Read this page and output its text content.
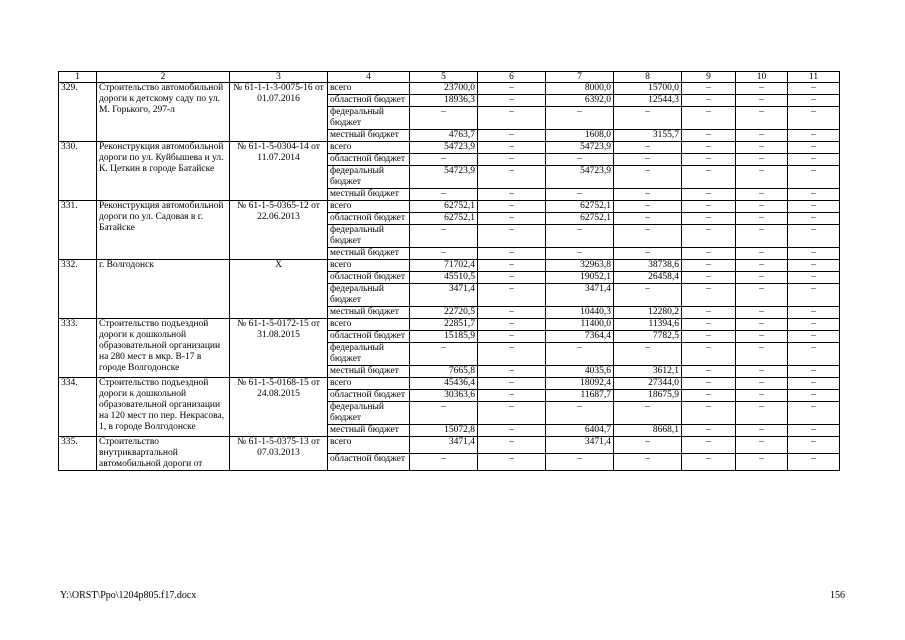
1	2	3	4	5	6	7	8	9	10	11
329.	Строительство автомобильной дороги к детскому саду по ул. М. Горького, 297-л	№ 61-1-1-3-0075-16 от 01.07.2016	всего	23700,0	–	8000,0	15700,0	–	–	–
			областной бюджет	18936,3	–	6392,0	12544,3	–	–	–
			федеральный бюджет	–	–	–	–	–	–	–
			местный бюджет	4763,7	–	1608,0	3155,7	–	–	–
330.	Реконструкция автомобильной дороги по ул. Куйбышева и ул. К. Цеткин в городе Батайске	№ 61-1-5-0304-14 от 11.07.2014	всего	54723,9	–	54723,9	–	–	–	–
			областной бюджет	–	–	–	–	–	–	–
			федеральный бюджет	54723,9	–	54723,9	–	–	–	–
			местный бюджет	–	–	–	–	–	–	–
331.	Реконструкция автомобильной дороги по ул. Садовая в г. Батайске	№ 61-1-5-0365-12 от 22.06.2013	всего	62752,1	–	62752,1	–	–	–	–
			областной бюджет	62752,1	–	62752,1	–	–	–	–
			федеральный бюджет	–	–	–	–	–	–	–
			местный бюджет	–	–	–	–	–	–	–
332.	г. Волгодонск	Х	всего	71702,4	–	32963,8	38738,6	–	–	–
			областной бюджет	45510,5	–	19052,1	26458,4	–	–	–
			федеральный бюджет	3471,4	–	3471,4	–	–	–	–
			местный бюджет	22720,5	–	10440,3	12280,2	–	–	–
333.	Строительство подъездной дороги к дошкольной образовательной организации на 280 мест в мкр. В-17 в городе Волгодонске	№ 61-1-5-0172-15 от 31.08.2015	всего	22851,7	–	11400,0	11394,6	–	–	–
			областной бюджет	15185,9	–	7364,4	7782,5	–	–	–
			федеральный бюджет	–	–	–	–	–	–	–
			местный бюджет	7665,8	–	4035,6	3612,1	–	–	–
334.	Строительство подъездной дороги к дошкольной образовательной организации на 120 мест по пер. Некрасова, 1, в городе Волгодонске	№ 61-1-5-0168-15 от 24.08.2015	всего	45436,4	–	18092,4	27344,0	–	–	–
			областной бюджет	30363,6	–	11687,7	18675,9	–	–	–
			федеральный бюджет	–	–	–	–	–	–	–
			местный бюджет	15072,8	–	6404,7	8668,1	–	–	–
335.	Строительство внутриквартальной автомобильной дороги от	№ 61-1-5-0375-13 от 07.03.2013	всего	3471,4	–	3471,4	–	–	–	–
			областной бюджет	–	–	–	–	–	–	–
Y:\ORST\Ppo\1204p805.f17.docx	156
